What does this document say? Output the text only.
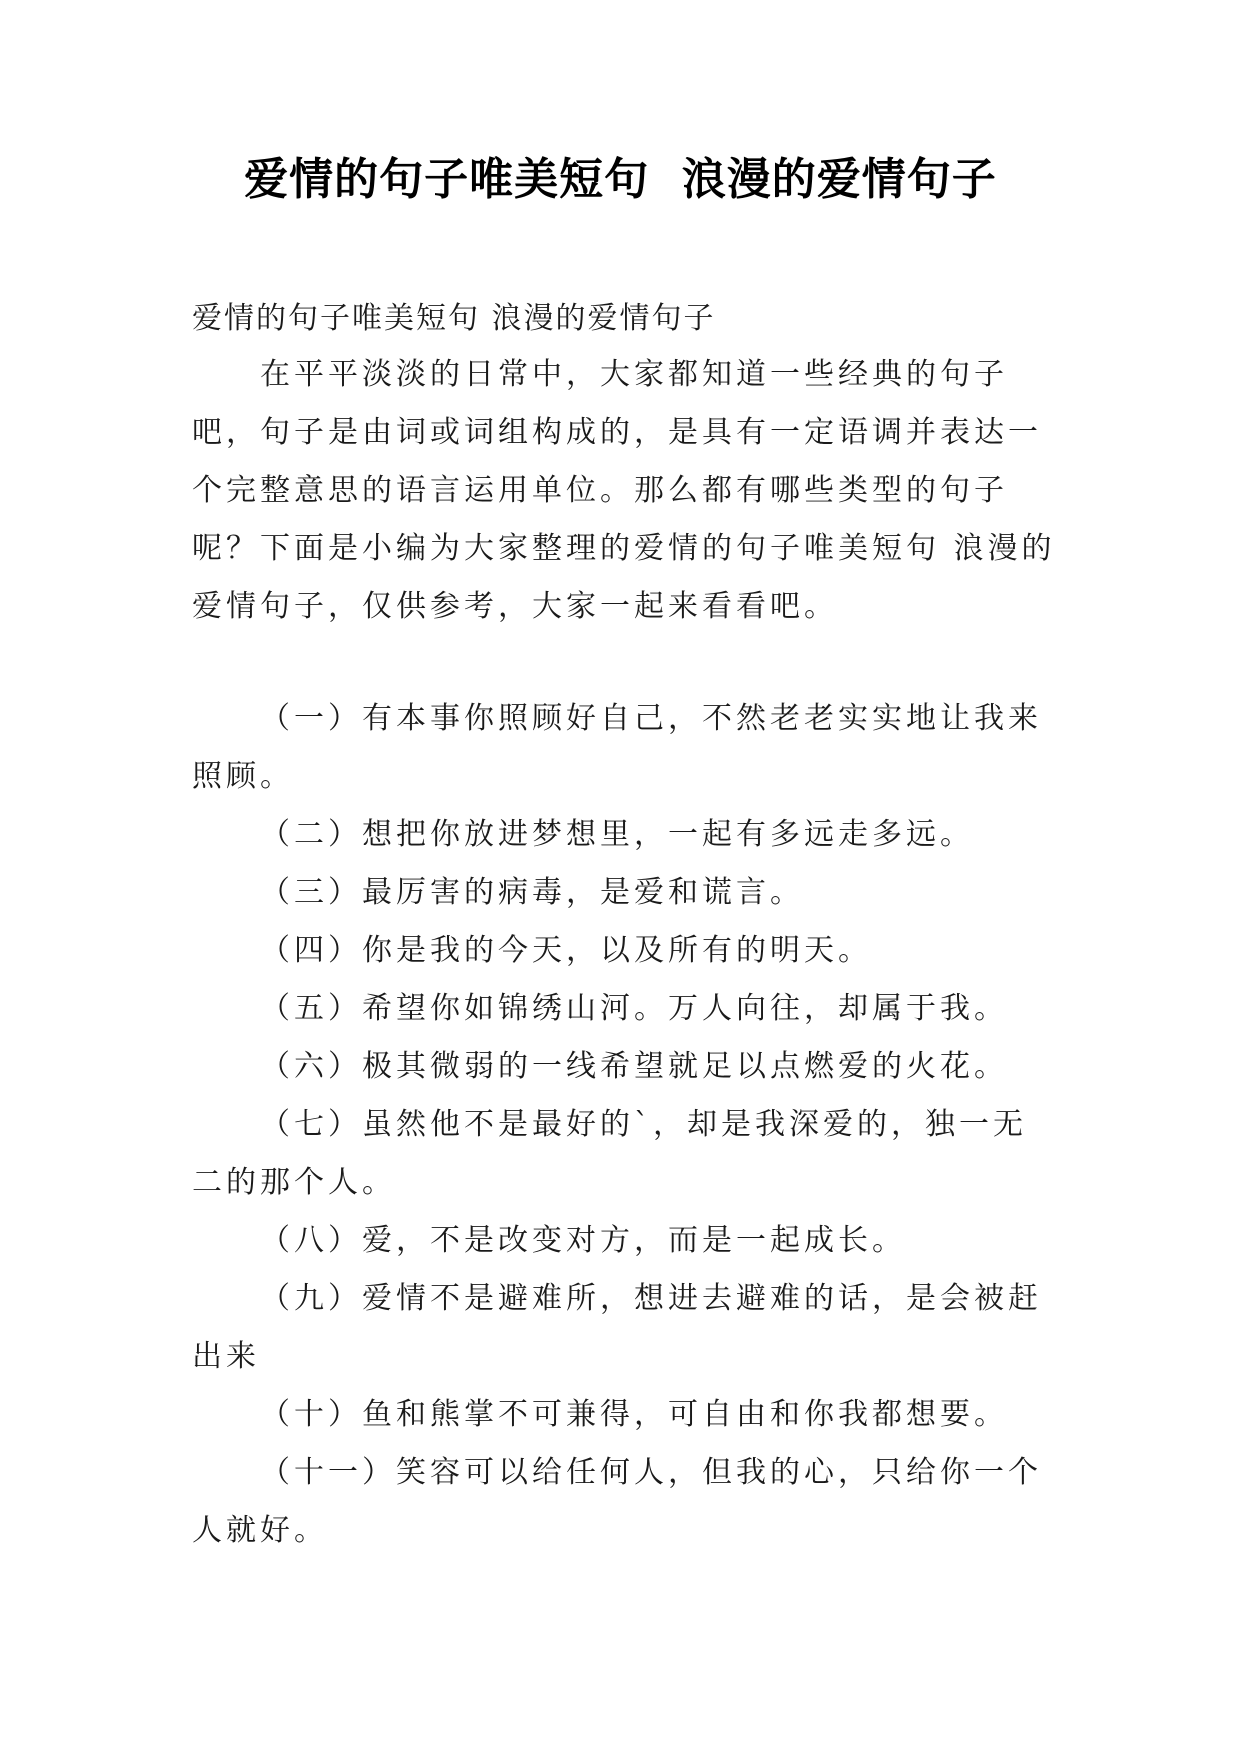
爱情的句子唯美短句  浪漫的爱情句子
爱情的句子唯美短句 浪漫的爱情句子
在平平淡淡的日常中，大家都知道一些经典的句子吧，句子是由词或词组构成的，是具有一定语调并表达一个完整意思的语言运用单位。那么都有哪些类型的句子呢？下面是小编为大家整理的爱情的句子唯美短句 浪漫的爱情句子，仅供参考，大家一起来看看吧。
（一）有本事你照顾好自己，不然老老实实地让我来照顾。
（二）想把你放进梦想里，一起有多远走多远。
（三）最厉害的病毒，是爱和谎言。
（四）你是我的今天，以及所有的明天。
（五）希望你如锦绣山河。万人向往，却属于我。
（六）极其微弱的一线希望就足以点燃爱的火花。
（七）虽然他不是最好的`，却是我深爱的，独一无二的那个人。
（八）爱，不是改变对方，而是一起成长。
（九）爱情不是避难所，想进去避难的话，是会被赶出来
（十）鱼和熊掌不可兼得，可自由和你我都想要。
（十一）笑容可以给任何人，但我的心，只给你一个人就好。
